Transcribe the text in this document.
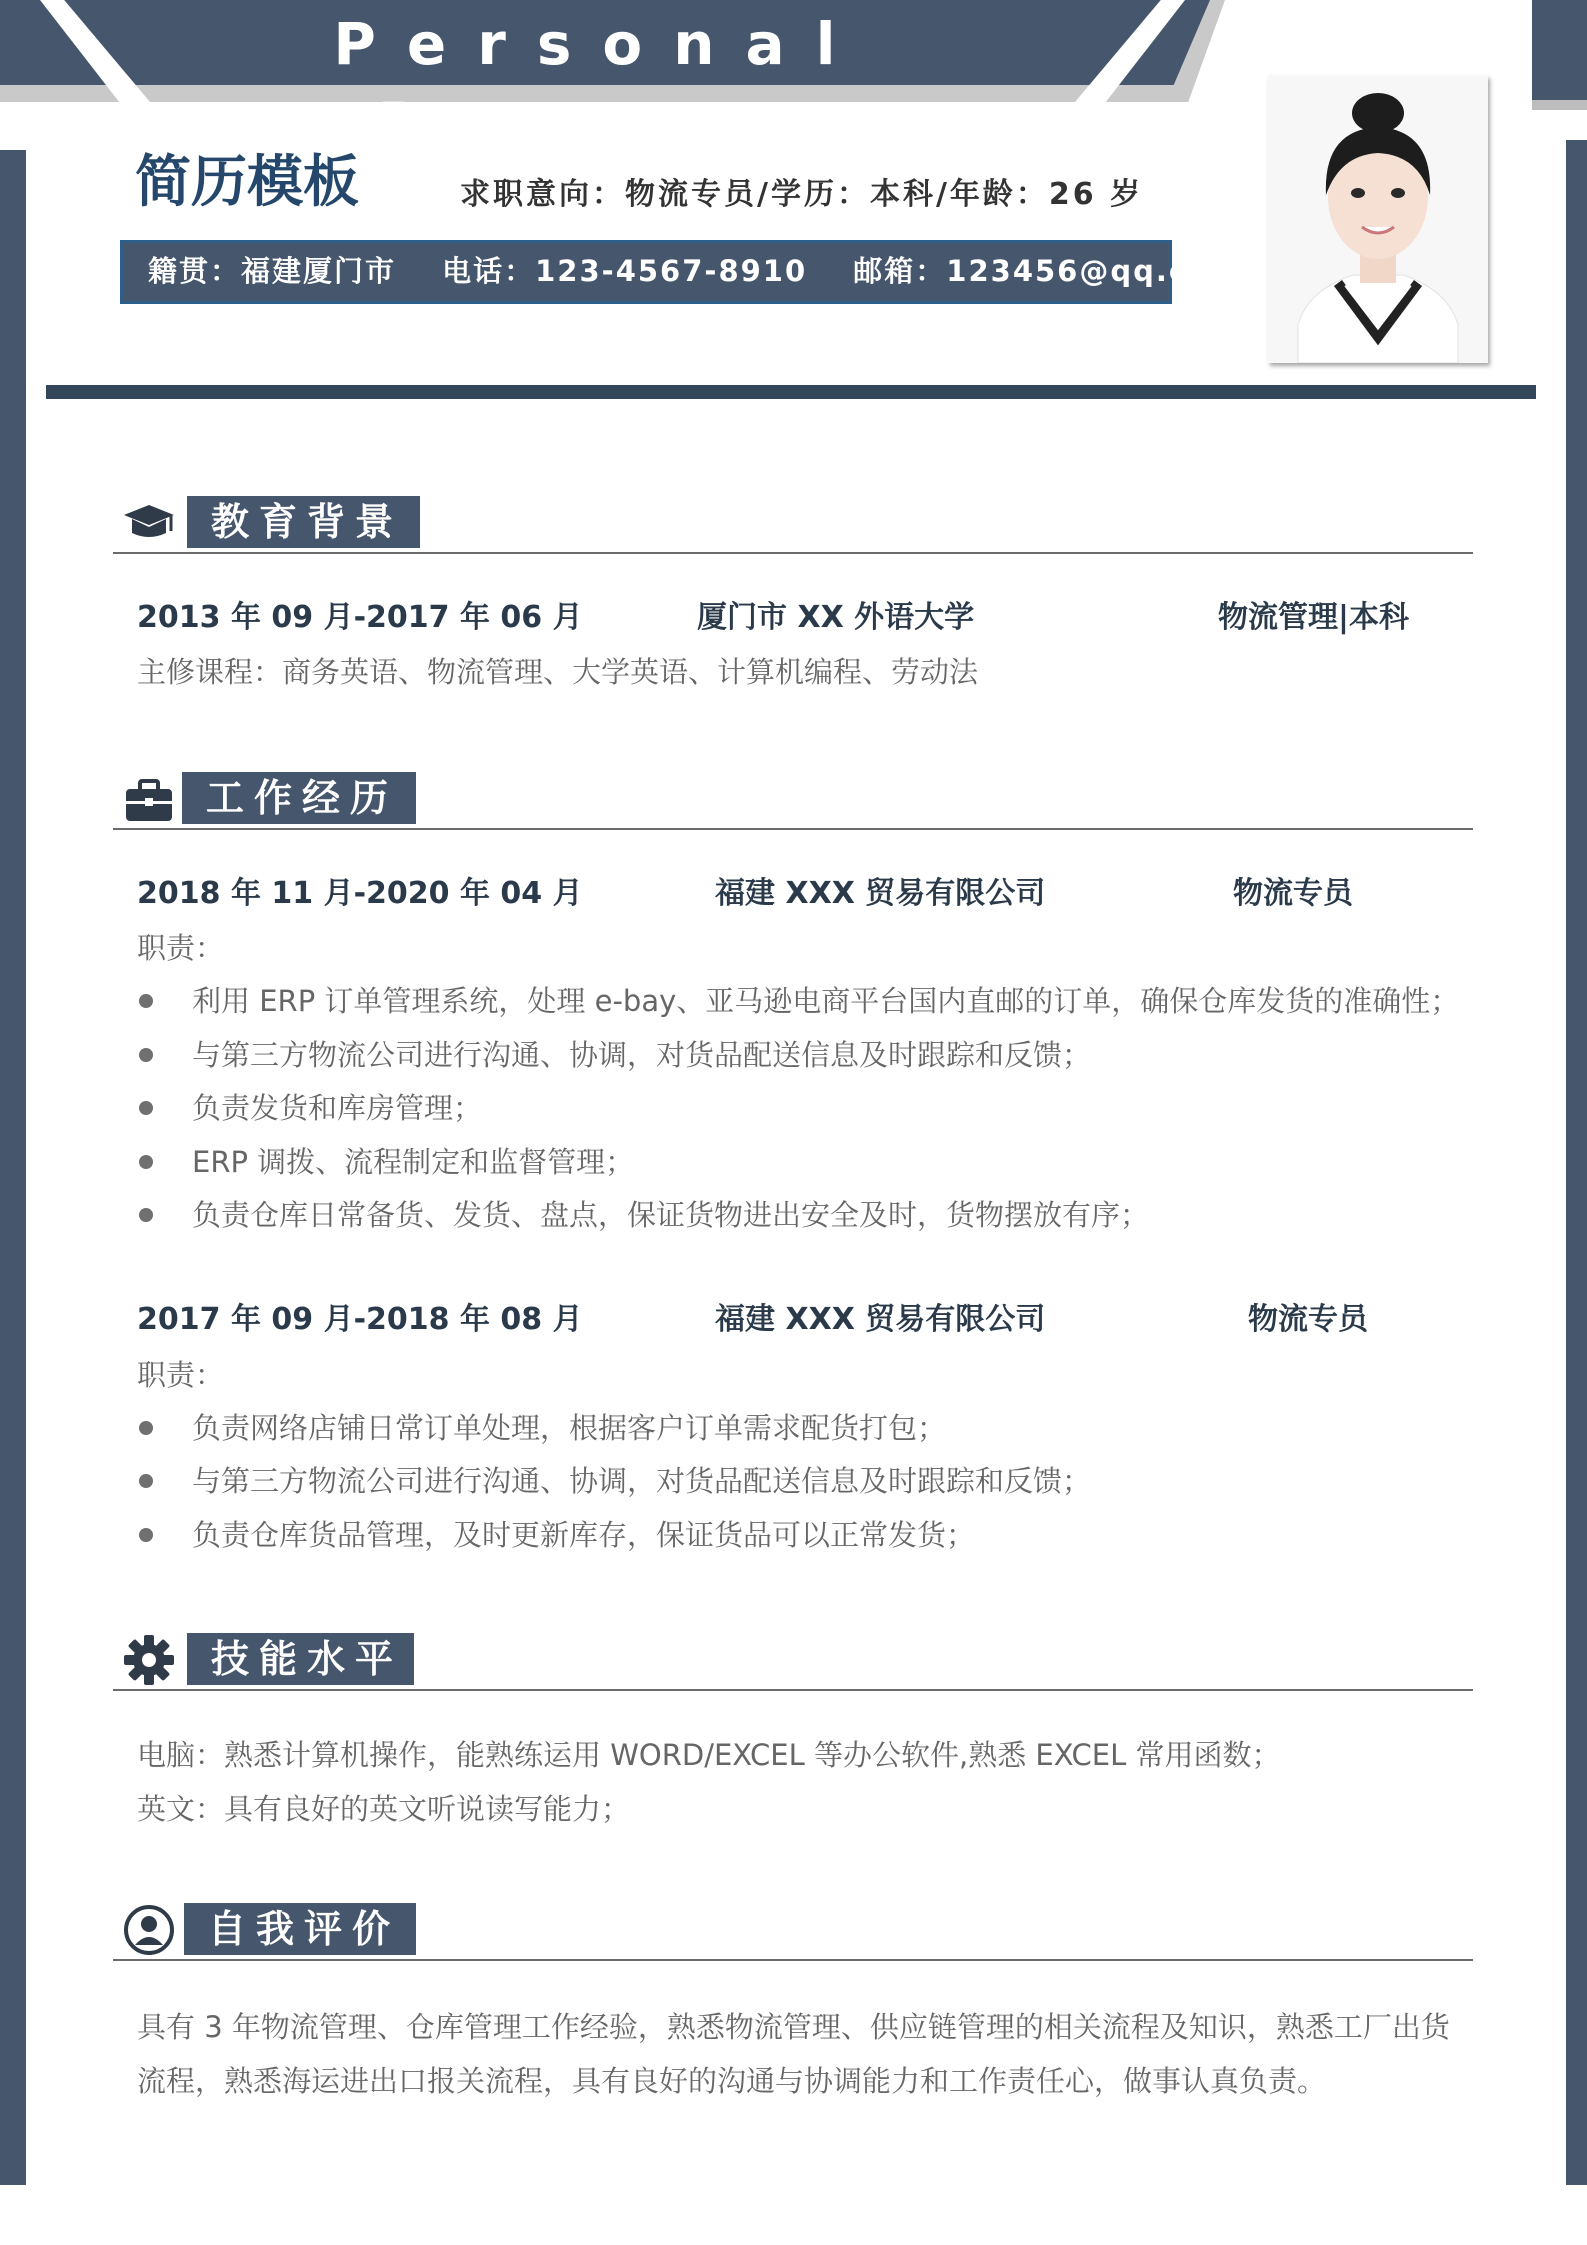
Personal Resume
简历模板	求职意向：物流专员/学历：本科/年龄：26 岁
籍贯：福建厦门市 电话：123-4567-8910 邮箱：123456@qq.com
教育背景
2013 年 09 月-2017 年 06 月	厦门市 XX 外语大学	物流管理|本科
主修课程：商务英语、物流管理、大学英语、计算机编程、劳动法
工作经历
2018 年 11 月-2020 年 04 月	福建 XXX 贸易有限公司	物流专员
职责：
利用 ERP 订单管理系统，处理 e-bay、亚马逊电商平台国内直邮的订单，确保仓库发货的准确性；
与第三方物流公司进行沟通、协调，对货品配送信息及时跟踪和反馈；
负责发货和库房管理；
ERP 调拨、流程制定和监督管理；
负责仓库日常备货、发货、盘点，保证货物进出安全及时，货物摆放有序；
2017 年 09 月-2018 年 08 月	福建 XXX 贸易有限公司	物流专员
职责：
负责网络店铺日常订单处理，根据客户订单需求配货打包；
与第三方物流公司进行沟通、协调，对货品配送信息及时跟踪和反馈；
负责仓库货品管理，及时更新库存，保证货品可以正常发货；
技能水平
电脑：熟悉计算机操作，能熟练运用 WORD/EXCEL 等办公软件,熟悉 EXCEL 常用函数；
英文：具有良好的英文听说读写能力；
自我评价
具有 3 年物流管理、仓库管理工作经验，熟悉物流管理、供应链管理的相关流程及知识，熟悉工厂出货
流程，熟悉海运进出口报关流程，具有良好的沟通与协调能力和工作责任心，做事认真负责。
